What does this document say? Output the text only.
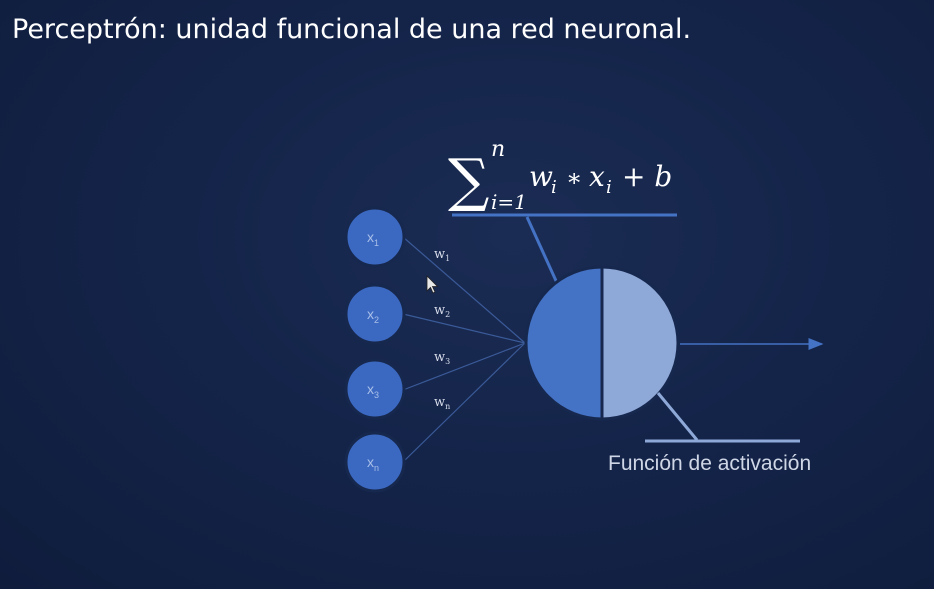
Perceptrón: unidad funcional de una red neuronal.
∑ n
i=1
w
i ∗ x i + b
$x_1$
$x_2$
$x_3$
$x_n$
$w_1$
$w_2$
$w_3$
$w_n$
Función de activación
